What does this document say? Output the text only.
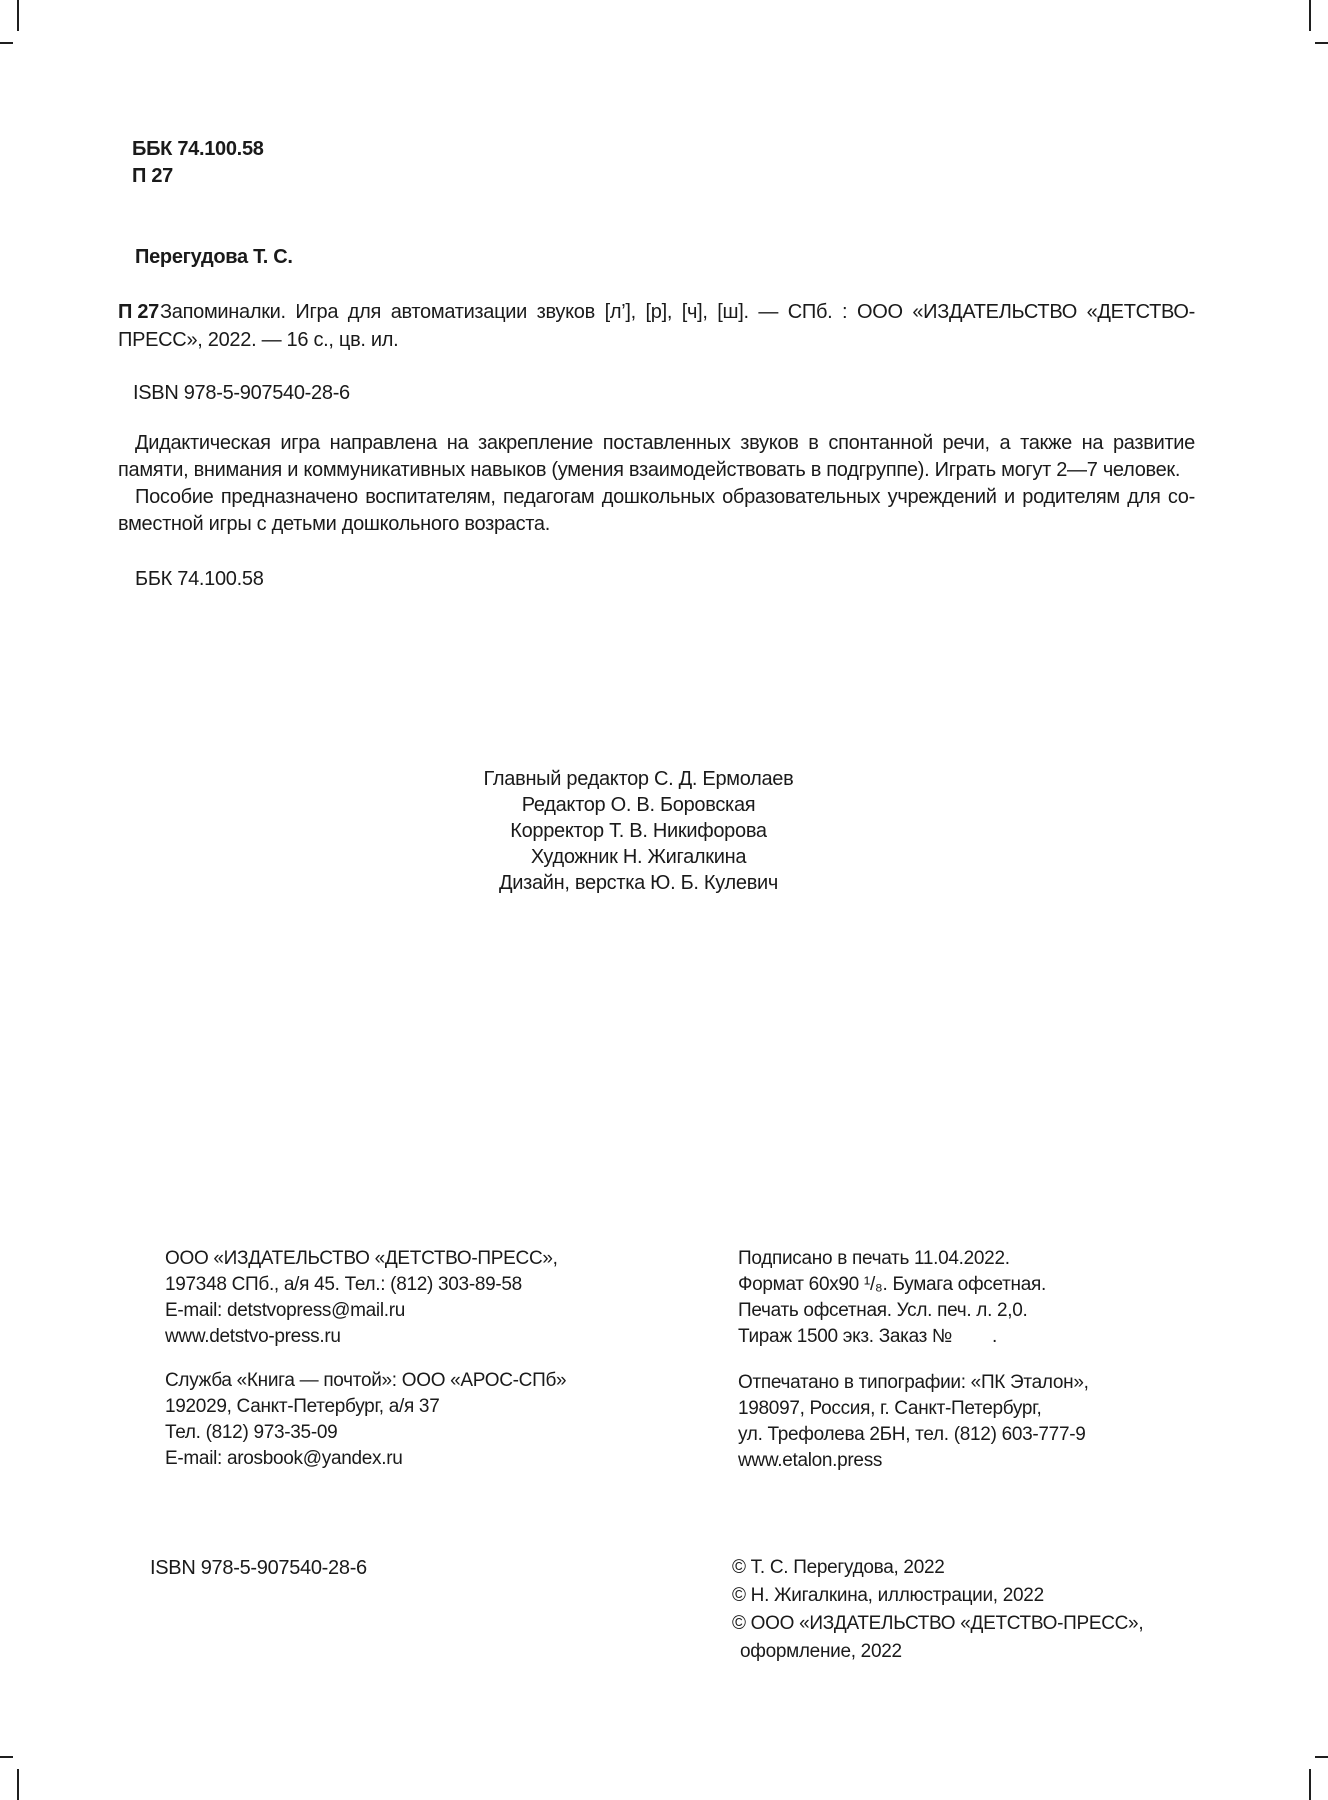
ББК 74.100.58
П 27
Перегудова Т. С.
П 27 Запоминалки. Игра для автоматизации звуков [л’], [р], [ч], [ш]. — СПб. : ООО «ИЗДАТЕЛЬСТВО «ДЕТСТВО-
ПРЕСС», 2022. — 16 с., цв. ил.
ISBN 978-5-907540-28-6
Дидактическая игра направлена на закрепление поставленных звуков в спонтанной речи, а также на развитие
памяти, внимания и коммуникативных навыков (умения взаимодействовать в подгруппе). Играть могут 2—7 человек.
Пособие предназначено воспитателям, педагогам дошкольных образовательных учреждений и родителям для со-
вместной игры с детьми дошкольного возраста.
ББК 74.100.58
Главный редактор С. Д. Ермолаев
Редактор О. В. Боровская
Корректор Т. В. Никифорова
Художник Н. Жигалкина
Дизайн, верстка Ю. Б. Кулевич
ООО «ИЗДАТЕЛЬСТВО «ДЕТСТВО-ПРЕСС»,
197348 СПб., а/я 45. Тел.: (812) 303-89-58
E-mail: detstvopress@mail.ru
www.detstvo-press.ru
Служба «Книга — почтой»: ООО «АРОС-СПб»
192029, Санкт-Петербург, а/я 37
Тел. (812) 973-35-09
E-mail: arosbook@yandex.ru
Подписано в печать 11.04.2022.
Формат 60х90 ¹/₈. Бумага офсетная.
Печать офсетная. Усл. печ. л. 2,0.
Тираж 1500 экз. Заказ №        .
Отпечатано в типографии: «ПК Эталон»,
198097, Россия, г. Санкт-Петербург,
ул. Трефолева 2БН, тел. (812) 603-777-9
www.etalon.press
ISBN 978-5-907540-28-6	© Т. С. Перегудова, 2022
© Н. Жигалкина, иллюстрации, 2022
© ООО «ИЗДАТЕЛЬСТВО «ДЕТСТВО-ПРЕСС»,
оформление, 2022
